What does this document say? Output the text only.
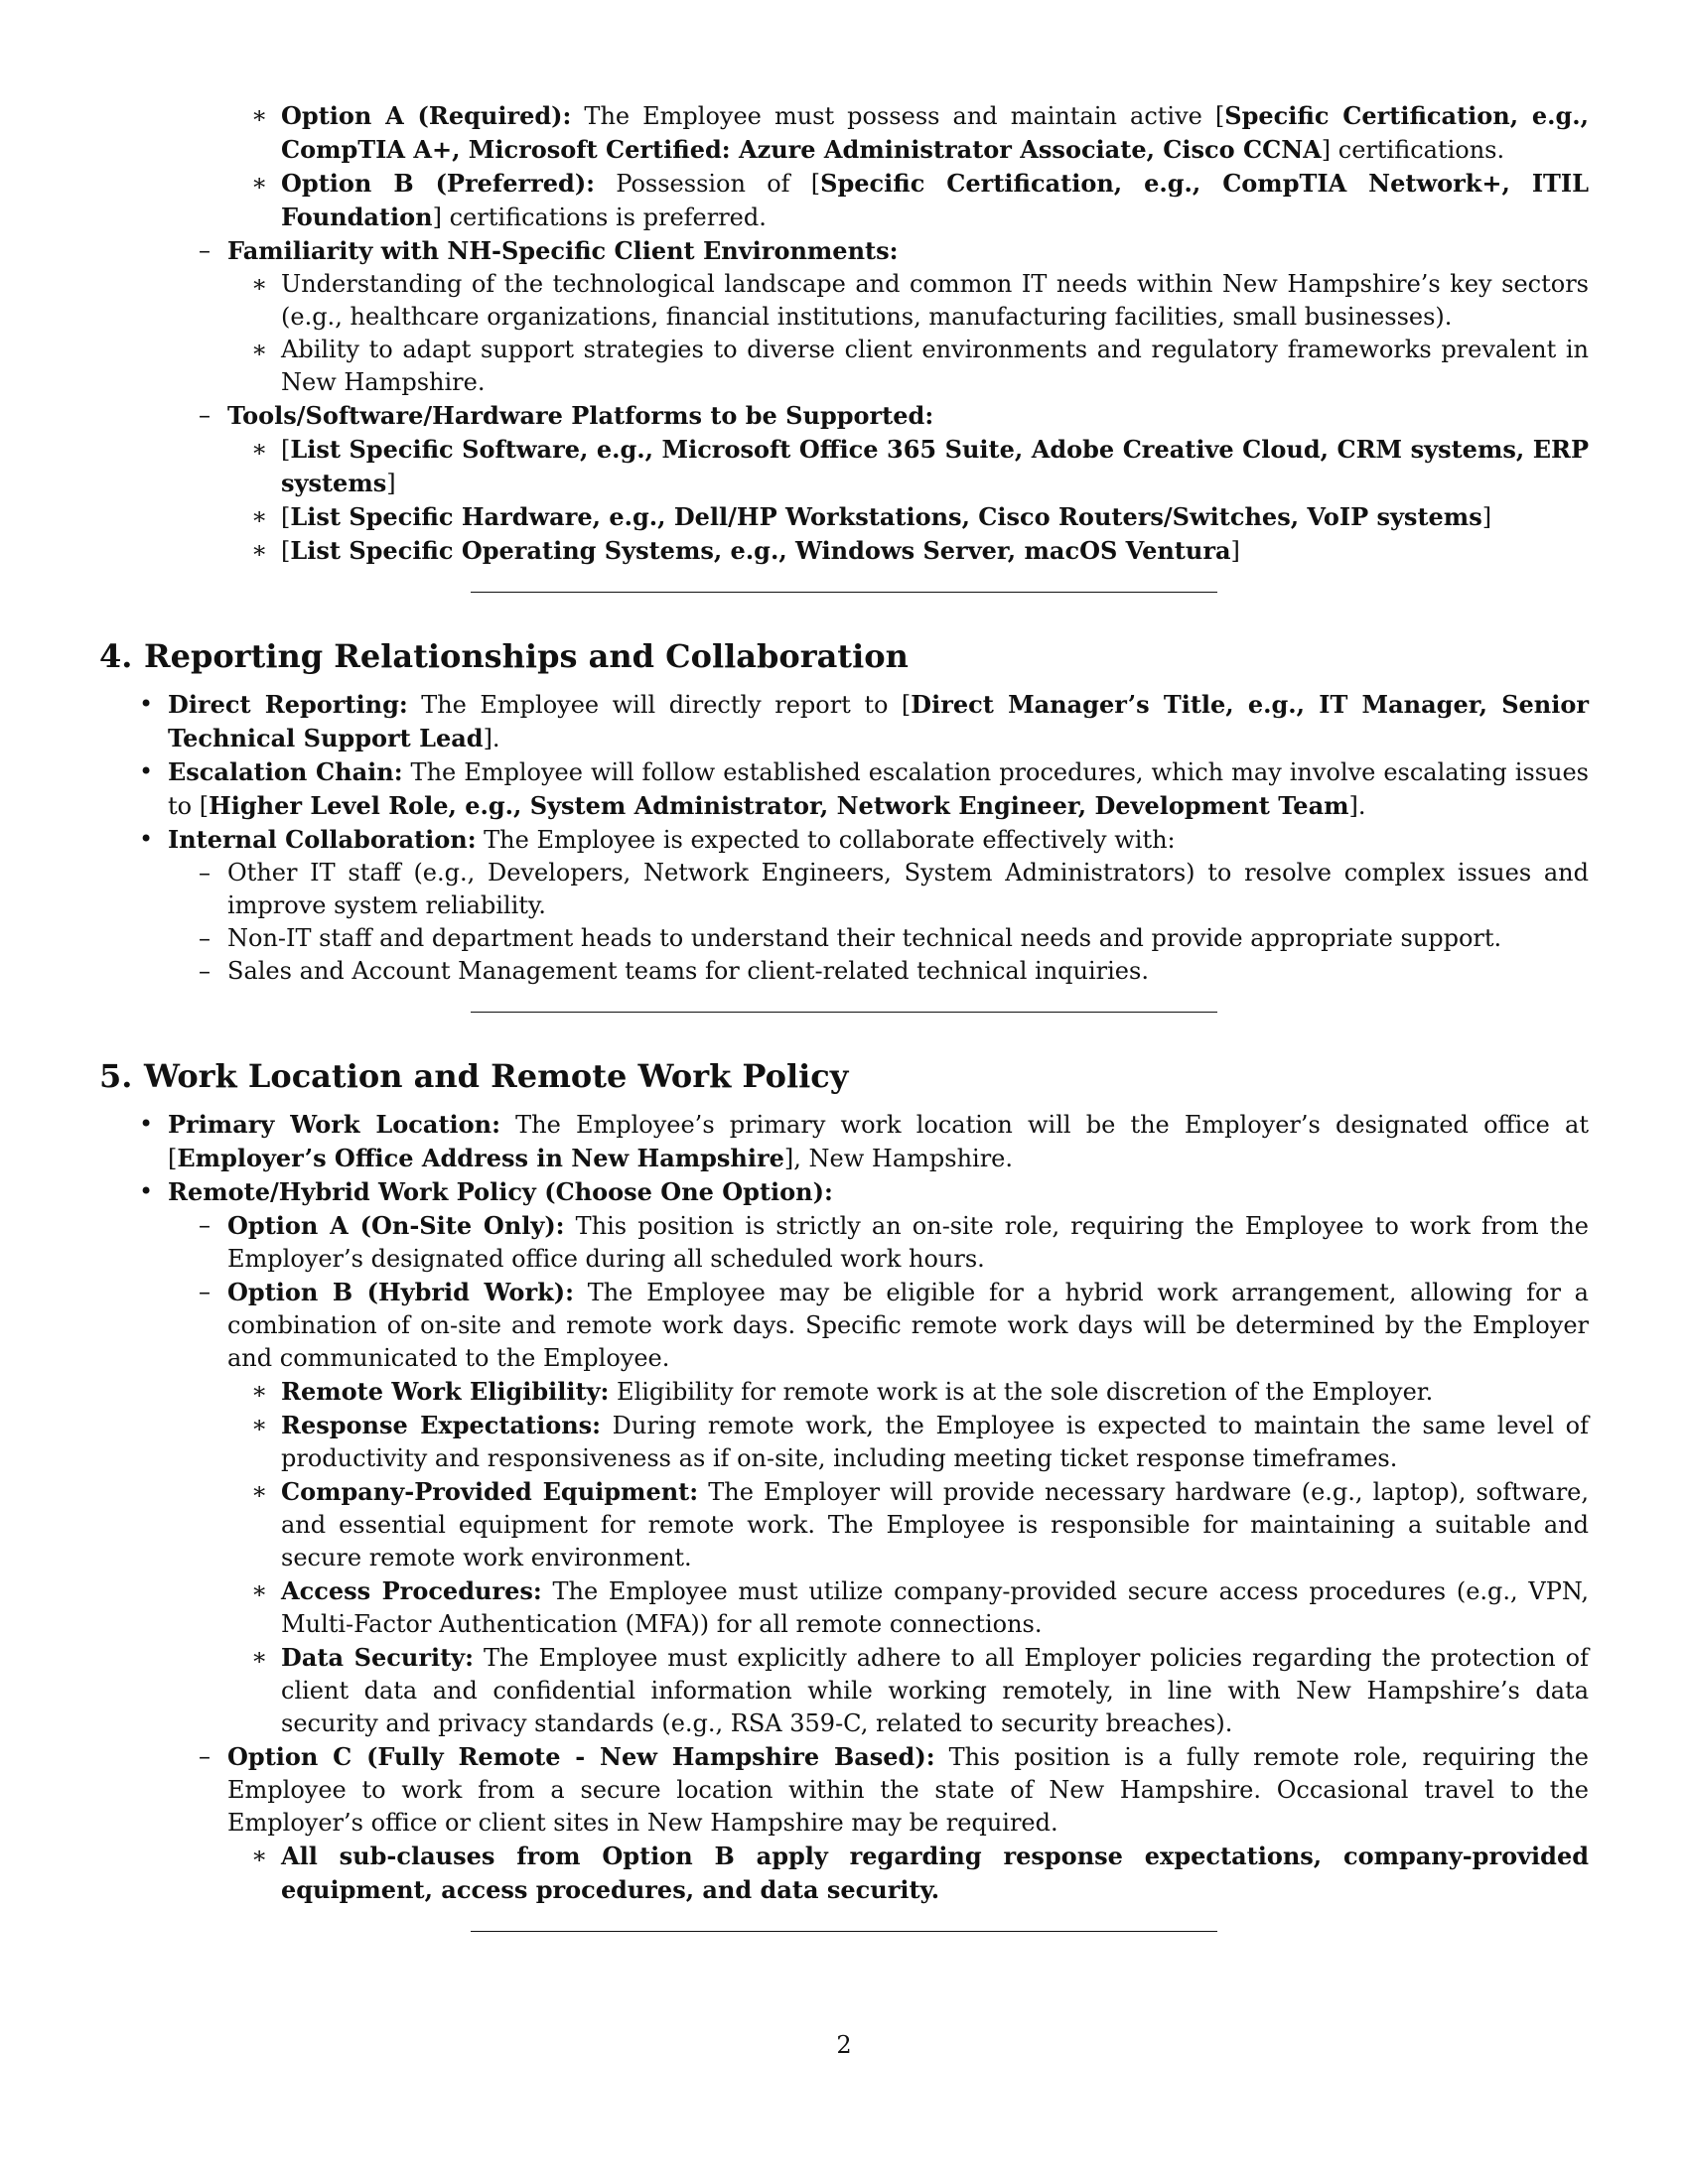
∗ Option A (Required): The Employee must possess and maintain active [Specific Certification, e.g., CompTIA A+, Microsoft Certified: Azure Administrator Associate, Cisco CCNA] certifications.
∗ Option B (Preferred): Possession of [Specific Certification, e.g., CompTIA Network+, ITIL Foundation] certifications is preferred.
– Familiarity with NH-Specific Client Environments:
∗ Understanding of the technological landscape and common IT needs within New Hampshire’s key sectors (e.g., healthcare organizations, financial institutions, manufacturing facilities, small businesses).
∗ Ability to adapt support strategies to diverse client environments and regulatory frameworks prevalent in New Hampshire.
– Tools/Software/Hardware Platforms to be Supported:
∗ [List Specific Software, e.g., Microsoft Office 365 Suite, Adobe Creative Cloud, CRM systems, ERP systems]
∗ [List Specific Hardware, e.g., Dell/HP Workstations, Cisco Routers/Switches, VoIP systems]
∗ [List Specific Operating Systems, e.g., Windows Server, macOS Ventura]
4. Reporting Relationships and Collaboration
• Direct Reporting: The Employee will directly report to [Direct Manager’s Title, e.g., IT Manager, Senior Technical Support Lead].
• Escalation Chain: The Employee will follow established escalation procedures, which may involve escalating issues to [Higher Level Role, e.g., System Administrator, Network Engineer, Development Team].
• Internal Collaboration: The Employee is expected to collaborate effectively with:
– Other IT staff (e.g., Developers, Network Engineers, System Administrators) to resolve complex issues and improve system reliability.
– Non-IT staff and department heads to understand their technical needs and provide appropriate support.
– Sales and Account Management teams for client-related technical inquiries.
5. Work Location and Remote Work Policy
• Primary Work Location: The Employee’s primary work location will be the Employer’s designated office at [Employer’s Office Address in New Hampshire], New Hampshire.
• Remote/Hybrid Work Policy (Choose One Option):
– Option A (On-Site Only): This position is strictly an on-site role, requiring the Employee to work from the Employer’s designated office during all scheduled work hours.
– Option B (Hybrid Work): The Employee may be eligible for a hybrid work arrangement, allowing for a combination of on-site and remote work days. Specific remote work days will be determined by the Employer and communicated to the Employee.
∗ Remote Work Eligibility: Eligibility for remote work is at the sole discretion of the Employer.
∗ Response Expectations: During remote work, the Employee is expected to maintain the same level of productivity and responsiveness as if on-site, including meeting ticket response timeframes.
∗ Company-Provided Equipment: The Employer will provide necessary hardware (e.g., laptop), software, and essential equipment for remote work. The Employee is responsible for maintaining a suitable and secure remote work environment.
∗ Access Procedures: The Employee must utilize company-provided secure access procedures (e.g., VPN, Multi-Factor Authentication (MFA)) for all remote connections.
∗ Data Security: The Employee must explicitly adhere to all Employer policies regarding the protection of client data and confidential information while working remotely, in line with New Hampshire’s data security and privacy standards (e.g., RSA 359-C, related to security breaches).
– Option C (Fully Remote - New Hampshire Based): This position is a fully remote role, requiring the Employee to work from a secure location within the state of New Hampshire. Occasional travel to the Employer’s office or client sites in New Hampshire may be required.
∗ All sub-clauses from Option B apply regarding response expectations, company-provided equipment, access procedures, and data security.
2
